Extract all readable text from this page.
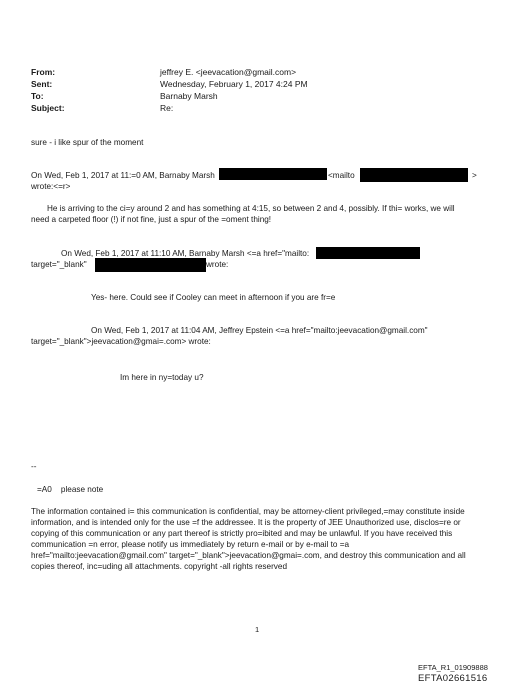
From:	jeffrey E. <jeevacation@gmail.com>
Sent:	Wednesday, February 1, 2017 4:24 PM
To:	Barnaby Marsh
Subject:	Re:
sure - i like spur of the moment
On Wed, Feb 1, 2017 at 11:=0 AM, Barnaby Marsh	<mailto	>
wrote:<=r>
He is arriving to the ci=y around 2 and has something at 4:15, so between 2 and 4, possibly. If thi= works, we will
need a carpeted floor (!) if not fine, just a spur of the =oment thing!
On Wed, Feb 1, 2017 at 11:10 AM, Barnaby Marsh <=a href="mailto:
target="_blank"	wrote:
Yes- here. Could see if Cooley can meet in afternoon if you are fr=e
On Wed, Feb 1, 2017 at 11:04 AM, Jeffrey Epstein <=a href="mailto:jeevacation@gmail.com"
target="_blank">jeevacation@gmai=.com> wrote:
Im here in ny=today u?
--
=A0    please note
The information contained i= this communication is confidential, may be attorney-client privileged,=may constitute inside information, and is intended only for the use =f the addressee. It is the property of JEE Unauthorized use, disclos=re or copying of this communication or any part thereof is strictly pro=ibited and may be unlawful. If you have received this communication =n error, please notify us immediately by return e-mail or by e-mail to =a href="mailto:jeevacation@gmail.com" target="_blank">jeevacation@gmai=.com, and destroy this communication and all copies thereof, inc=uding all attachments. copyright -all rights reserved
1
EFTA_R1_01909888
EFTA02661516
